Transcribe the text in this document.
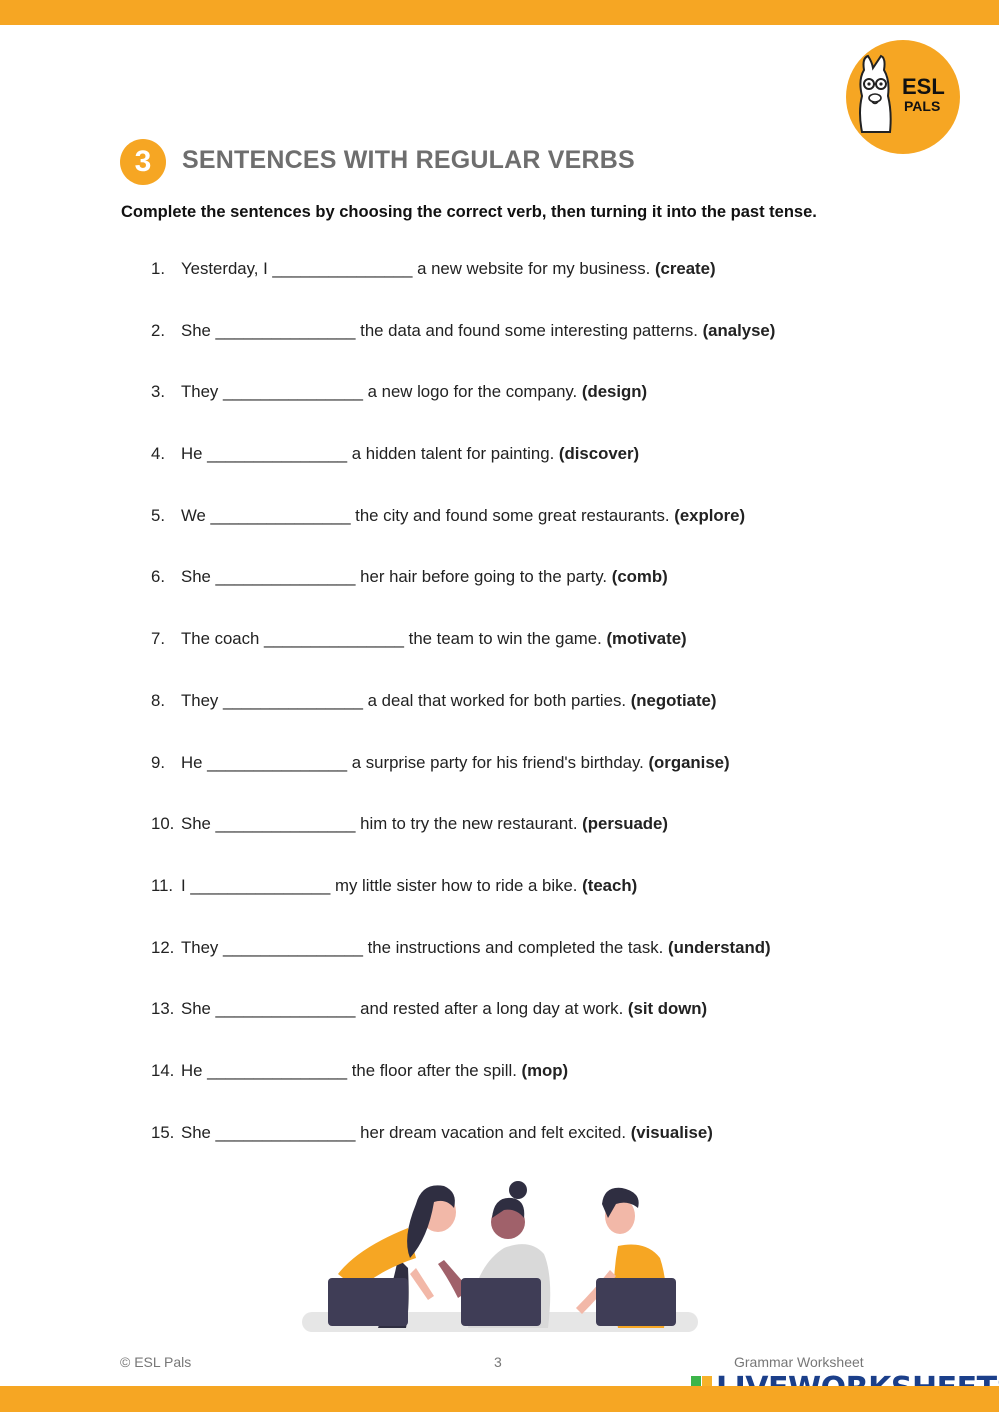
ESL
PALS
3	SENTENCES WITH REGULAR VERBS
Complete the sentences by choosing the correct verb, then turning it into the past tense.
1. Yesterday, I _______________ a new website for my business. (create)
2. She _______________ the data and found some interesting patterns. (analyse)
3. They _______________ a new logo for the company. (design)
4. He _______________ a hidden talent for painting. (discover)
5. We _______________ the city and found some great restaurants. (explore)
6. She _______________ her hair before going to the party. (comb)
7. The coach _______________ the team to win the game. (motivate)
8. They _______________ a deal that worked for both parties. (negotiate)
9. He _______________ a surprise party for his friend's birthday. (organise)
10. She _______________ him to try the new restaurant. (persuade)
11. I _______________ my little sister how to ride a bike. (teach)
12. They _______________ the instructions and completed the task. (understand)
13. She _______________ and rested after a long day at work. (sit down)
14. He _______________ the floor after the spill. (mop)
15. She _______________ her dream vacation and felt excited. (visualise)
© ESL Pals	3	Grammar Worksheet
